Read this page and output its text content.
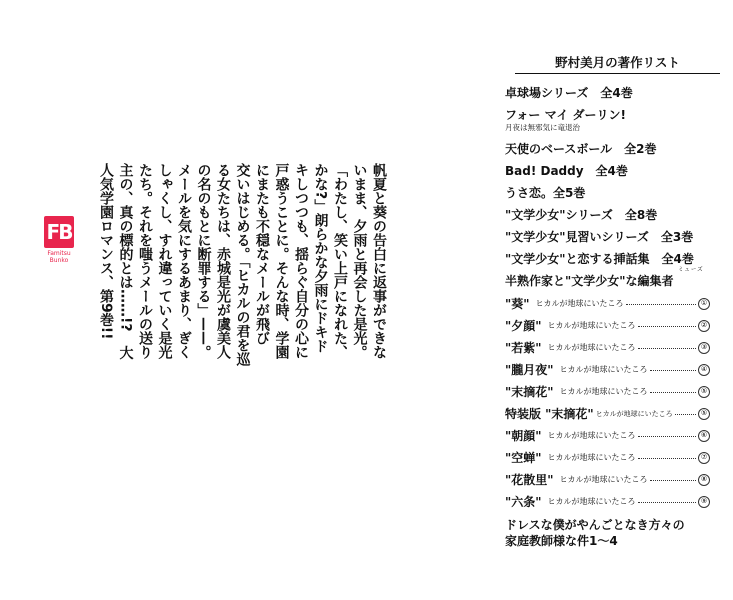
FB
Famitsu Bunko	帆夏と葵の告白に返事ができな
いまま、夕雨と再会した是光。
「わたし、笑い上戸になれた、
かな?」朗らかな夕雨にドキド
キしつつも、揺らぐ自分の心に
戸惑うことに。そんな時、学園
にまたも不穏なメールが飛び
交いはじめる。「ヒカルの君を巡
る女たちは、赤城是光が虞美人
の名のもとに断罪する」——。
メールを気にするあまり、ぎく
しゃくし、すれ違っていく是光
たち。それを嗤うメールの送り
主の、真の標的とは……!?　大
人気学園ロマンス、第9巻!!
野村美月の著作リスト
卓球場シリーズ　全4巻
フォー マイ ダーリン!
月夜は無邪気に竜退治
天使のベースボール　全2巻
Bad! Daddy　全4巻
うさ恋。全5巻
"文学少女"シリーズ　全8巻
"文学少女"見習いシリーズ　全3巻
"文学少女"と恋する挿話集　全4巻
ミューズ
半熟作家と"文学少女"な編集者
"葵" ヒカルが地球にいたころ	①
"夕顔" ヒカルが地球にいたころ	②
"若紫" ヒカルが地球にいたころ	③
"朧月夜" ヒカルが地球にいたころ	④
"末摘花" ヒカルが地球にいたころ	⑤
特装版 "末摘花" ヒカルが地球にいたころ	⑤
"朝顔" ヒカルが地球にいたころ	⑥
"空蝉" ヒカルが地球にいたころ	⑦
"花散里" ヒカルが地球にいたころ	⑧
"六条" ヒカルが地球にいたころ	⑨
ドレスな僕がやんごとなき方々の
家庭教師様な件1〜4
